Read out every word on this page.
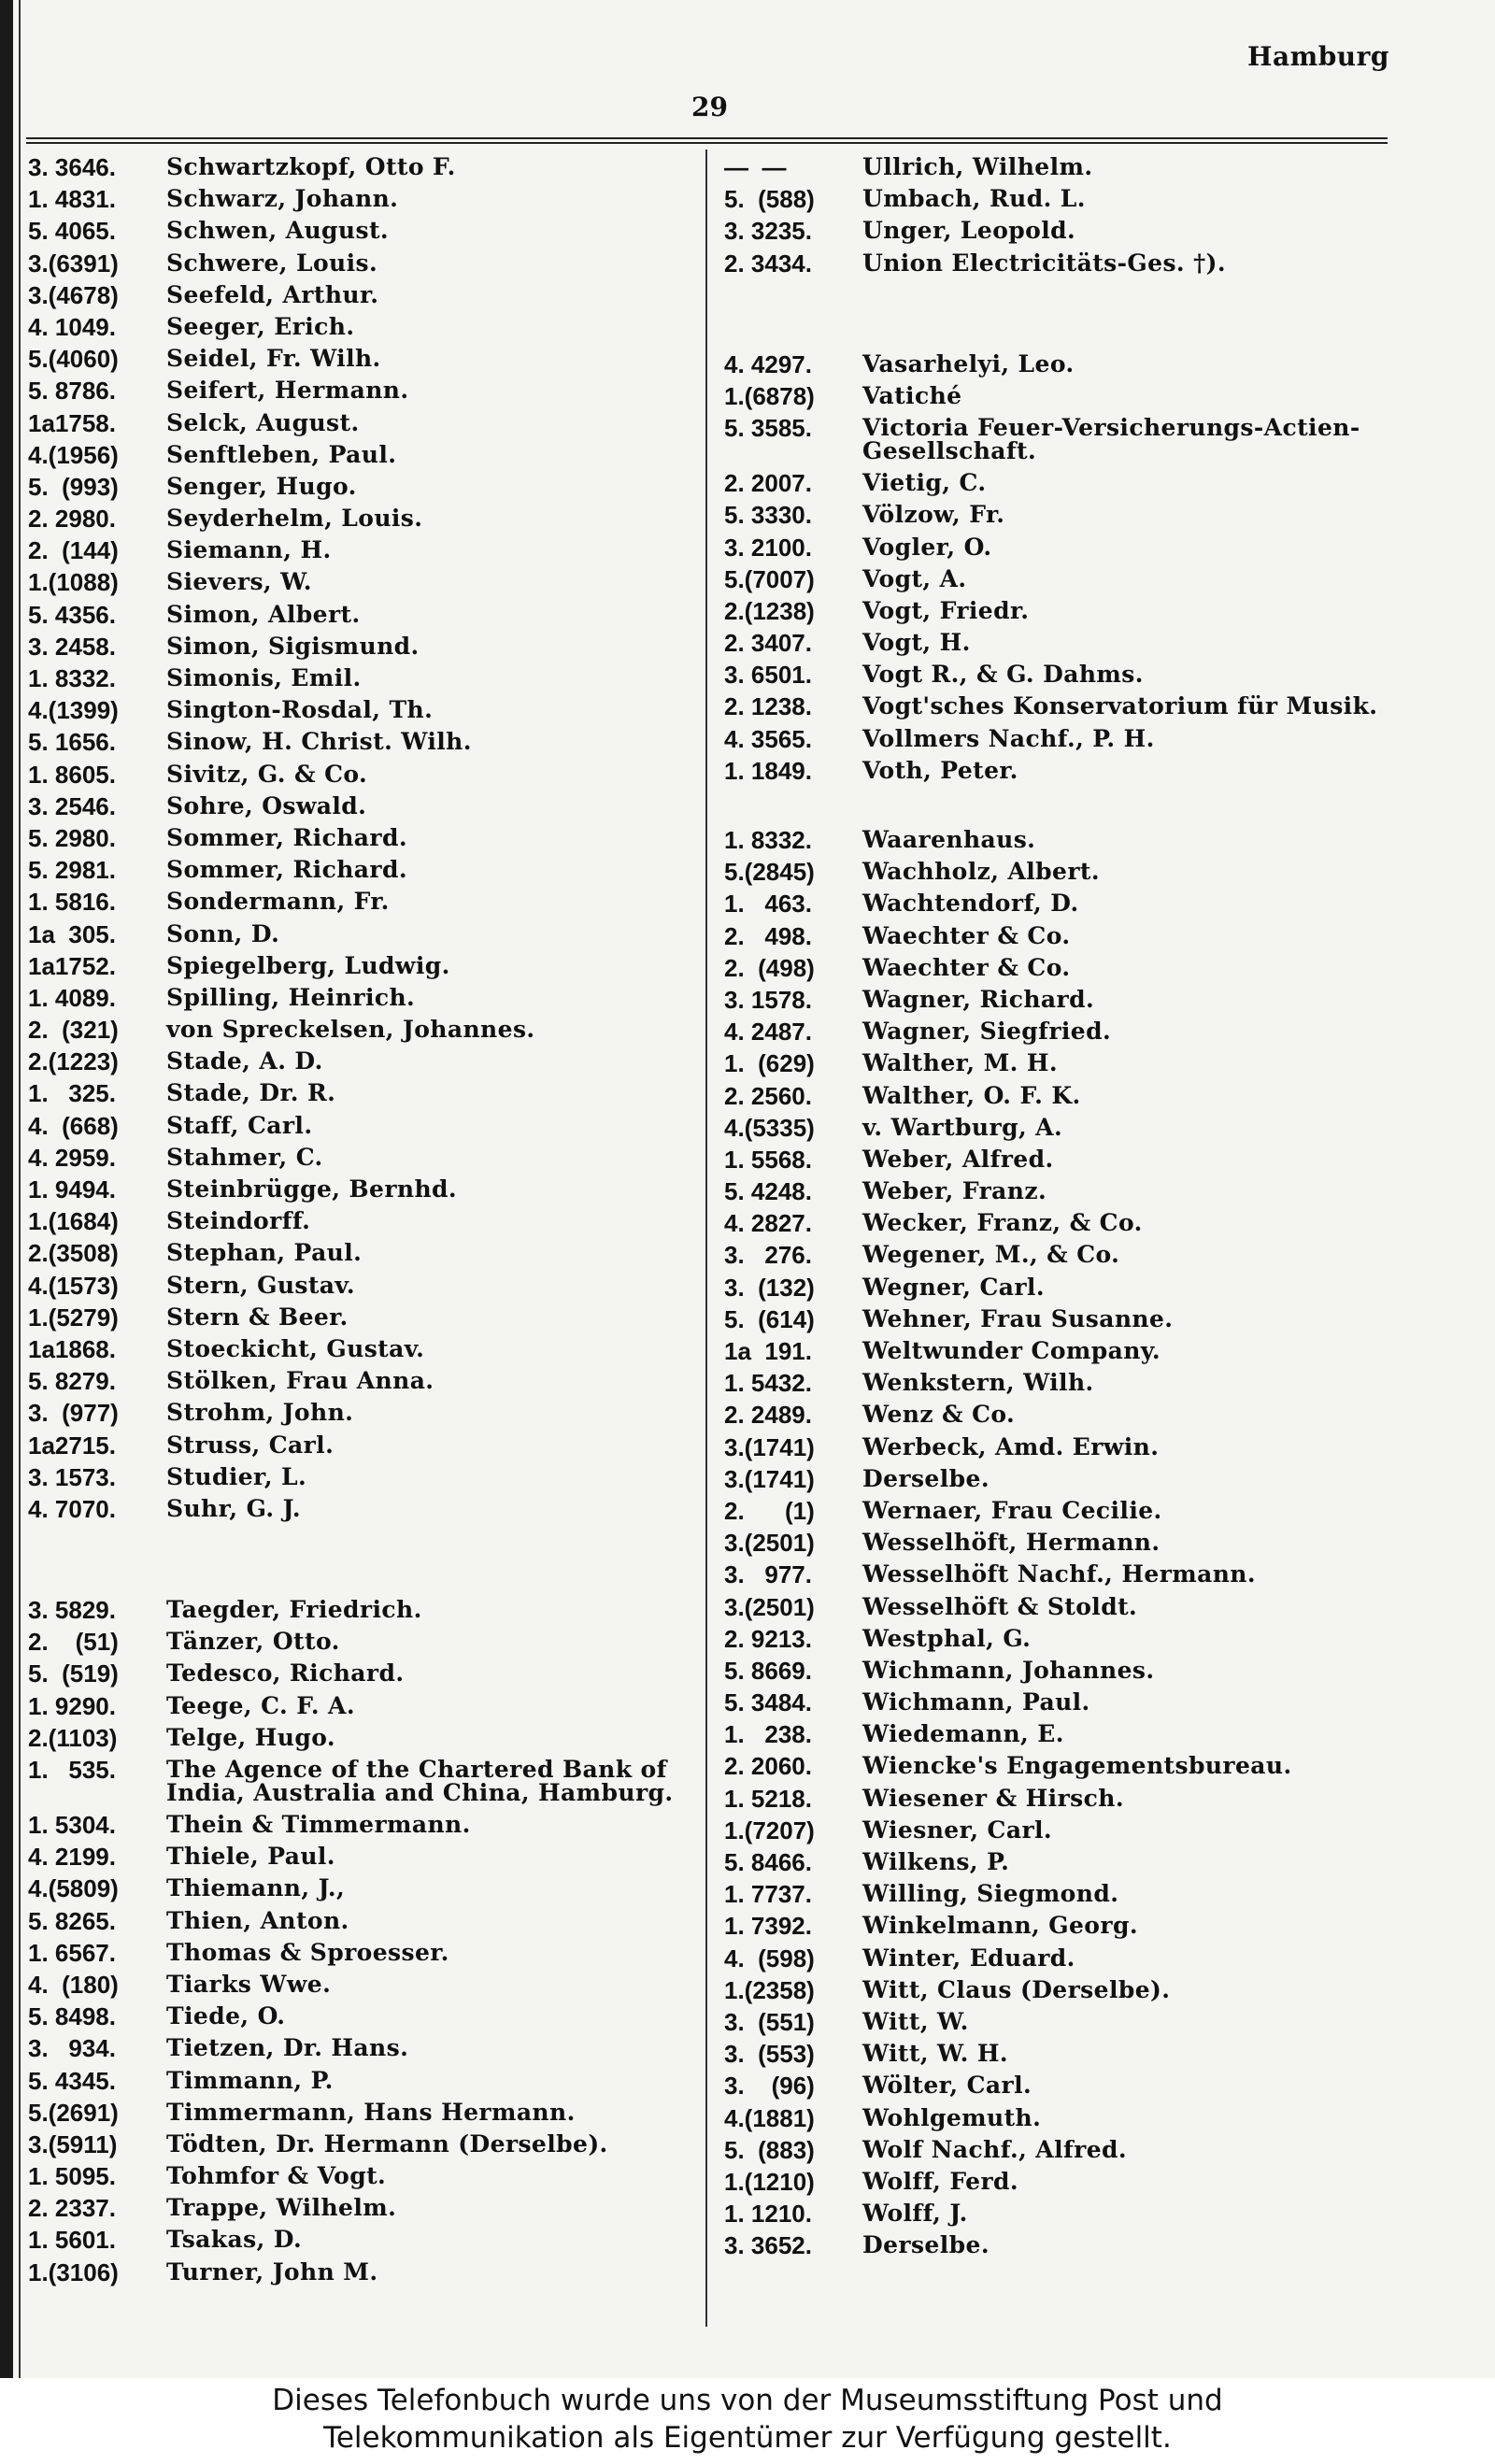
Hamburg
29
3. 3646.	Schwartzkopf, Otto F.
1. 4831.	Schwarz, Johann.
5. 4065.	Schwen, August.
3.(6391)	Schwere, Louis.
3.(4678)	Seefeld, Arthur.
4. 1049.	Seeger, Erich.
5.(4060)	Seidel, Fr. Wilh.
5. 8786.	Seifert, Hermann.
1a1758.	Selck, August.
4.(1956)	Senftleben, Paul.
5.  (993)	Senger, Hugo.
2. 2980.	Seyderhelm, Louis.
2.  (144)	Siemann, H.
1.(1088)	Sievers, W.
5. 4356.	Simon, Albert.
3. 2458.	Simon, Sigismund.
1. 8332.	Simonis, Emil.
4.(1399)	Sington-Rosdal, Th.
5. 1656.	Sinow, H. Christ. Wilh.
1. 8605.	Sivitz, G. & Co.
3. 2546.	Sohre, Oswald.
5. 2980.	Sommer, Richard.
5. 2981.	Sommer, Richard.
1. 5816.	Sondermann, Fr.
1a  305.	Sonn, D.
1a1752.	Spiegelberg, Ludwig.
1. 4089.	Spilling, Heinrich.
2.  (321)	von Spreckelsen, Johannes.
2.(1223)	Stade, A. D.
1.   325.	Stade, Dr. R.
4.  (668)	Staff, Carl.
4. 2959.	Stahmer, C.
1. 9494.	Steinbrügge, Bernhd.
1.(1684)	Steindorff.
2.(3508)	Stephan, Paul.
4.(1573)	Stern, Gustav.
1.(5279)	Stern & Beer.
1a1868.	Stoeckicht, Gustav.
5. 8279.	Stölken, Frau Anna.
3.  (977)	Strohm, John.
1a2715.	Struss, Carl.
3. 1573.	Studier, L.
4. 7070.	Suhr, G. J.
3. 5829.	Taegder, Friedrich.
2.    (51)	Tänzer, Otto.
5.  (519)	Tedesco, Richard.
1. 9290.	Teege, C. F. A.
2.(1103)	Telge, Hugo.
1.   535.	The Agence of the Chartered Bank of India, Australia and China, Hamburg.
1. 5304.	Thein & Timmermann.
4. 2199.	Thiele, Paul.
4.(5809)	Thiemann, J.,
5. 8265.	Thien, Anton.
1. 6567.	Thomas & Sproesser.
4.  (180)	Tiarks Wwe.
5. 8498.	Tiede, O.
3.   934.	Tietzen, Dr. Hans.
5. 4345.	Timmann, P.
5.(2691)	Timmermann, Hans Hermann.
3.(5911)	Tödten, Dr. Hermann (Derselbe).
1. 5095.	Tohmfor & Vogt.
2. 2337.	Trappe, Wilhelm.
1. 5601.	Tsakas, D.
1.(3106)	Turner, John M.
—  —	Ullrich, Wilhelm.
5.  (588)	Umbach, Rud. L.
3. 3235.	Unger, Leopold.
2. 3434.	Union Electricitäts-Ges. †).
4. 4297.	Vasarhelyi, Leo.
1.(6878)	Vatiché
5. 3585.	Victoria Feuer-Versicherungs-Actien-Gesellschaft.
2. 2007.	Vietig, C.
5. 3330.	Völzow, Fr.
3. 2100.	Vogler, O.
5.(7007)	Vogt, A.
2.(1238)	Vogt, Friedr.
2. 3407.	Vogt, H.
3. 6501.	Vogt R., & G. Dahms.
2. 1238.	Vogt'sches Konservatorium für Musik.
4. 3565.	Vollmers Nachf., P. H.
1. 1849.	Voth, Peter.
1. 8332.	Waarenhaus.
5.(2845)	Wachholz, Albert.
1.   463.	Wachtendorf, D.
2.   498.	Waechter & Co.
2.  (498)	Waechter & Co.
3. 1578.	Wagner, Richard.
4. 2487.	Wagner, Siegfried.
1.  (629)	Walther, M. H.
2. 2560.	Walther, O. F. K.
4.(5335)	v. Wartburg, A.
1. 5568.	Weber, Alfred.
5. 4248.	Weber, Franz.
4. 2827.	Wecker, Franz, & Co.
3.   276.	Wegener, M., & Co.
3.  (132)	Wegner, Carl.
5.  (614)	Wehner, Frau Susanne.
1a  191.	Weltwunder Company.
1. 5432.	Wenkstern, Wilh.
2. 2489.	Wenz & Co.
3.(1741)	Werbeck, Amd. Erwin.
3.(1741)	Derselbe.
2.      (1)	Wernaer, Frau Cecilie.
3.(2501)	Wesselhöft, Hermann.
3.   977.	Wesselhöft Nachf., Hermann.
3.(2501)	Wesselhöft & Stoldt.
2. 9213.	Westphal, G.
5. 8669.	Wichmann, Johannes.
5. 3484.	Wichmann, Paul.
1.   238.	Wiedemann, E.
2. 2060.	Wiencke's Engagementsbureau.
1. 5218.	Wiesener & Hirsch.
1.(7207)	Wiesner, Carl.
5. 8466.	Wilkens, P.
1. 7737.	Willing, Siegmond.
1. 7392.	Winkelmann, Georg.
4.  (598)	Winter, Eduard.
1.(2358)	Witt, Claus (Derselbe).
3.  (551)	Witt, W.
3.  (553)	Witt, W. H.
3.    (96)	Wölter, Carl.
4.(1881)	Wohlgemuth.
5.  (883)	Wolf Nachf., Alfred.
1.(1210)	Wolff, Ferd.
1. 1210.	Wolff, J.
3. 3652.	Derselbe.
Dieses Telefonbuch wurde uns von der Museumsstiftung Post und
Telekommunikation als Eigentümer zur Verfügung gestellt.
